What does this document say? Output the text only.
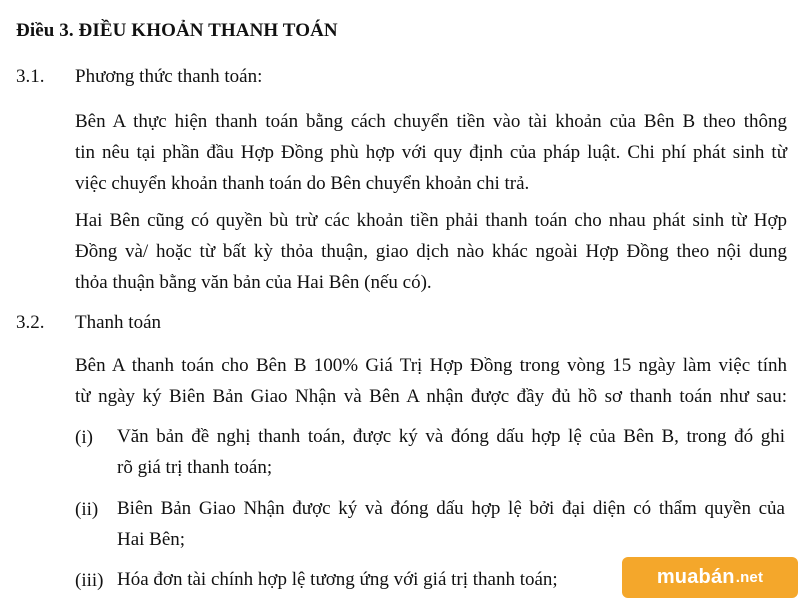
Điều 3. ĐIỀU KHOẢN THANH TOÁN
3.1. Phương thức thanh toán:
Bên A thực hiện thanh toán bằng cách chuyển tiền vào tài khoản của Bên B theo thông
tin nêu tại phần đầu Hợp Đồng phù hợp với quy định của pháp luật. Chi phí phát sinh từ
việc chuyển khoản thanh toán do Bên chuyển khoản chi trả.
Hai Bên cũng có quyền bù trừ các khoản tiền phải thanh toán cho nhau phát sinh từ Hợp
Đồng và/ hoặc từ bất kỳ thỏa thuận, giao dịch nào khác ngoài Hợp Đồng theo nội dung
thỏa thuận bằng văn bản của Hai Bên (nếu có).
3.2. Thanh toán
Bên A thanh toán cho Bên B 100% Giá Trị Hợp Đồng trong vòng 15 ngày làm việc tính
từ ngày ký Biên Bản Giao Nhận và Bên A nhận được đầy đủ hồ sơ thanh toán như sau:
(i) Văn bản đề nghị thanh toán, được ký và đóng dấu hợp lệ của Bên B, trong đó ghi
rõ giá trị thanh toán;
(ii) Biên Bản Giao Nhận được ký và đóng dấu hợp lệ bởi đại diện có thẩm quyền của
Hai Bên;
(iii) Hóa đơn tài chính hợp lệ tương ứng với giá trị thanh toán;	muabán .net
